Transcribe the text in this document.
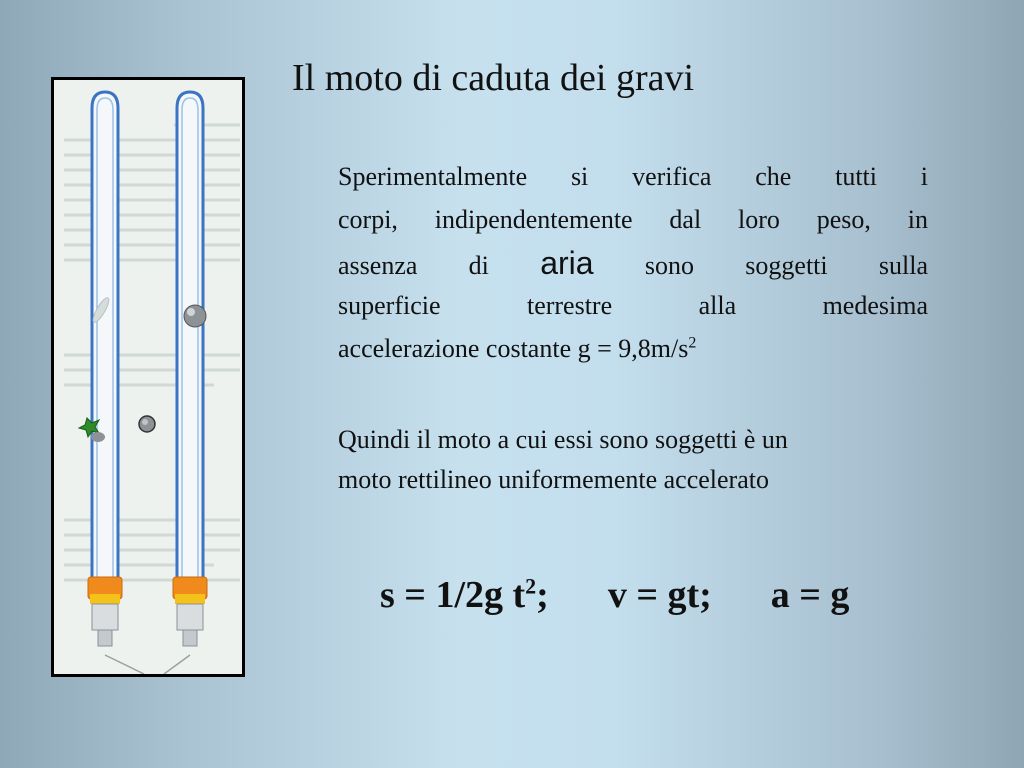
Il moto di caduta dei gravi
Sperimentalmente si verifica che tutti i
corpi, indipendentemente dal loro peso, in
assenza di aria sono soggetti sulla
superficie terrestre alla medesima
accelerazione costante $g = 9,8m/s^2$
Quindi il moto a cui essi sono soggetti è un
moto rettilineo uniformemente accelerato
s = 1/2g $t^2$; v = gt; a = g
